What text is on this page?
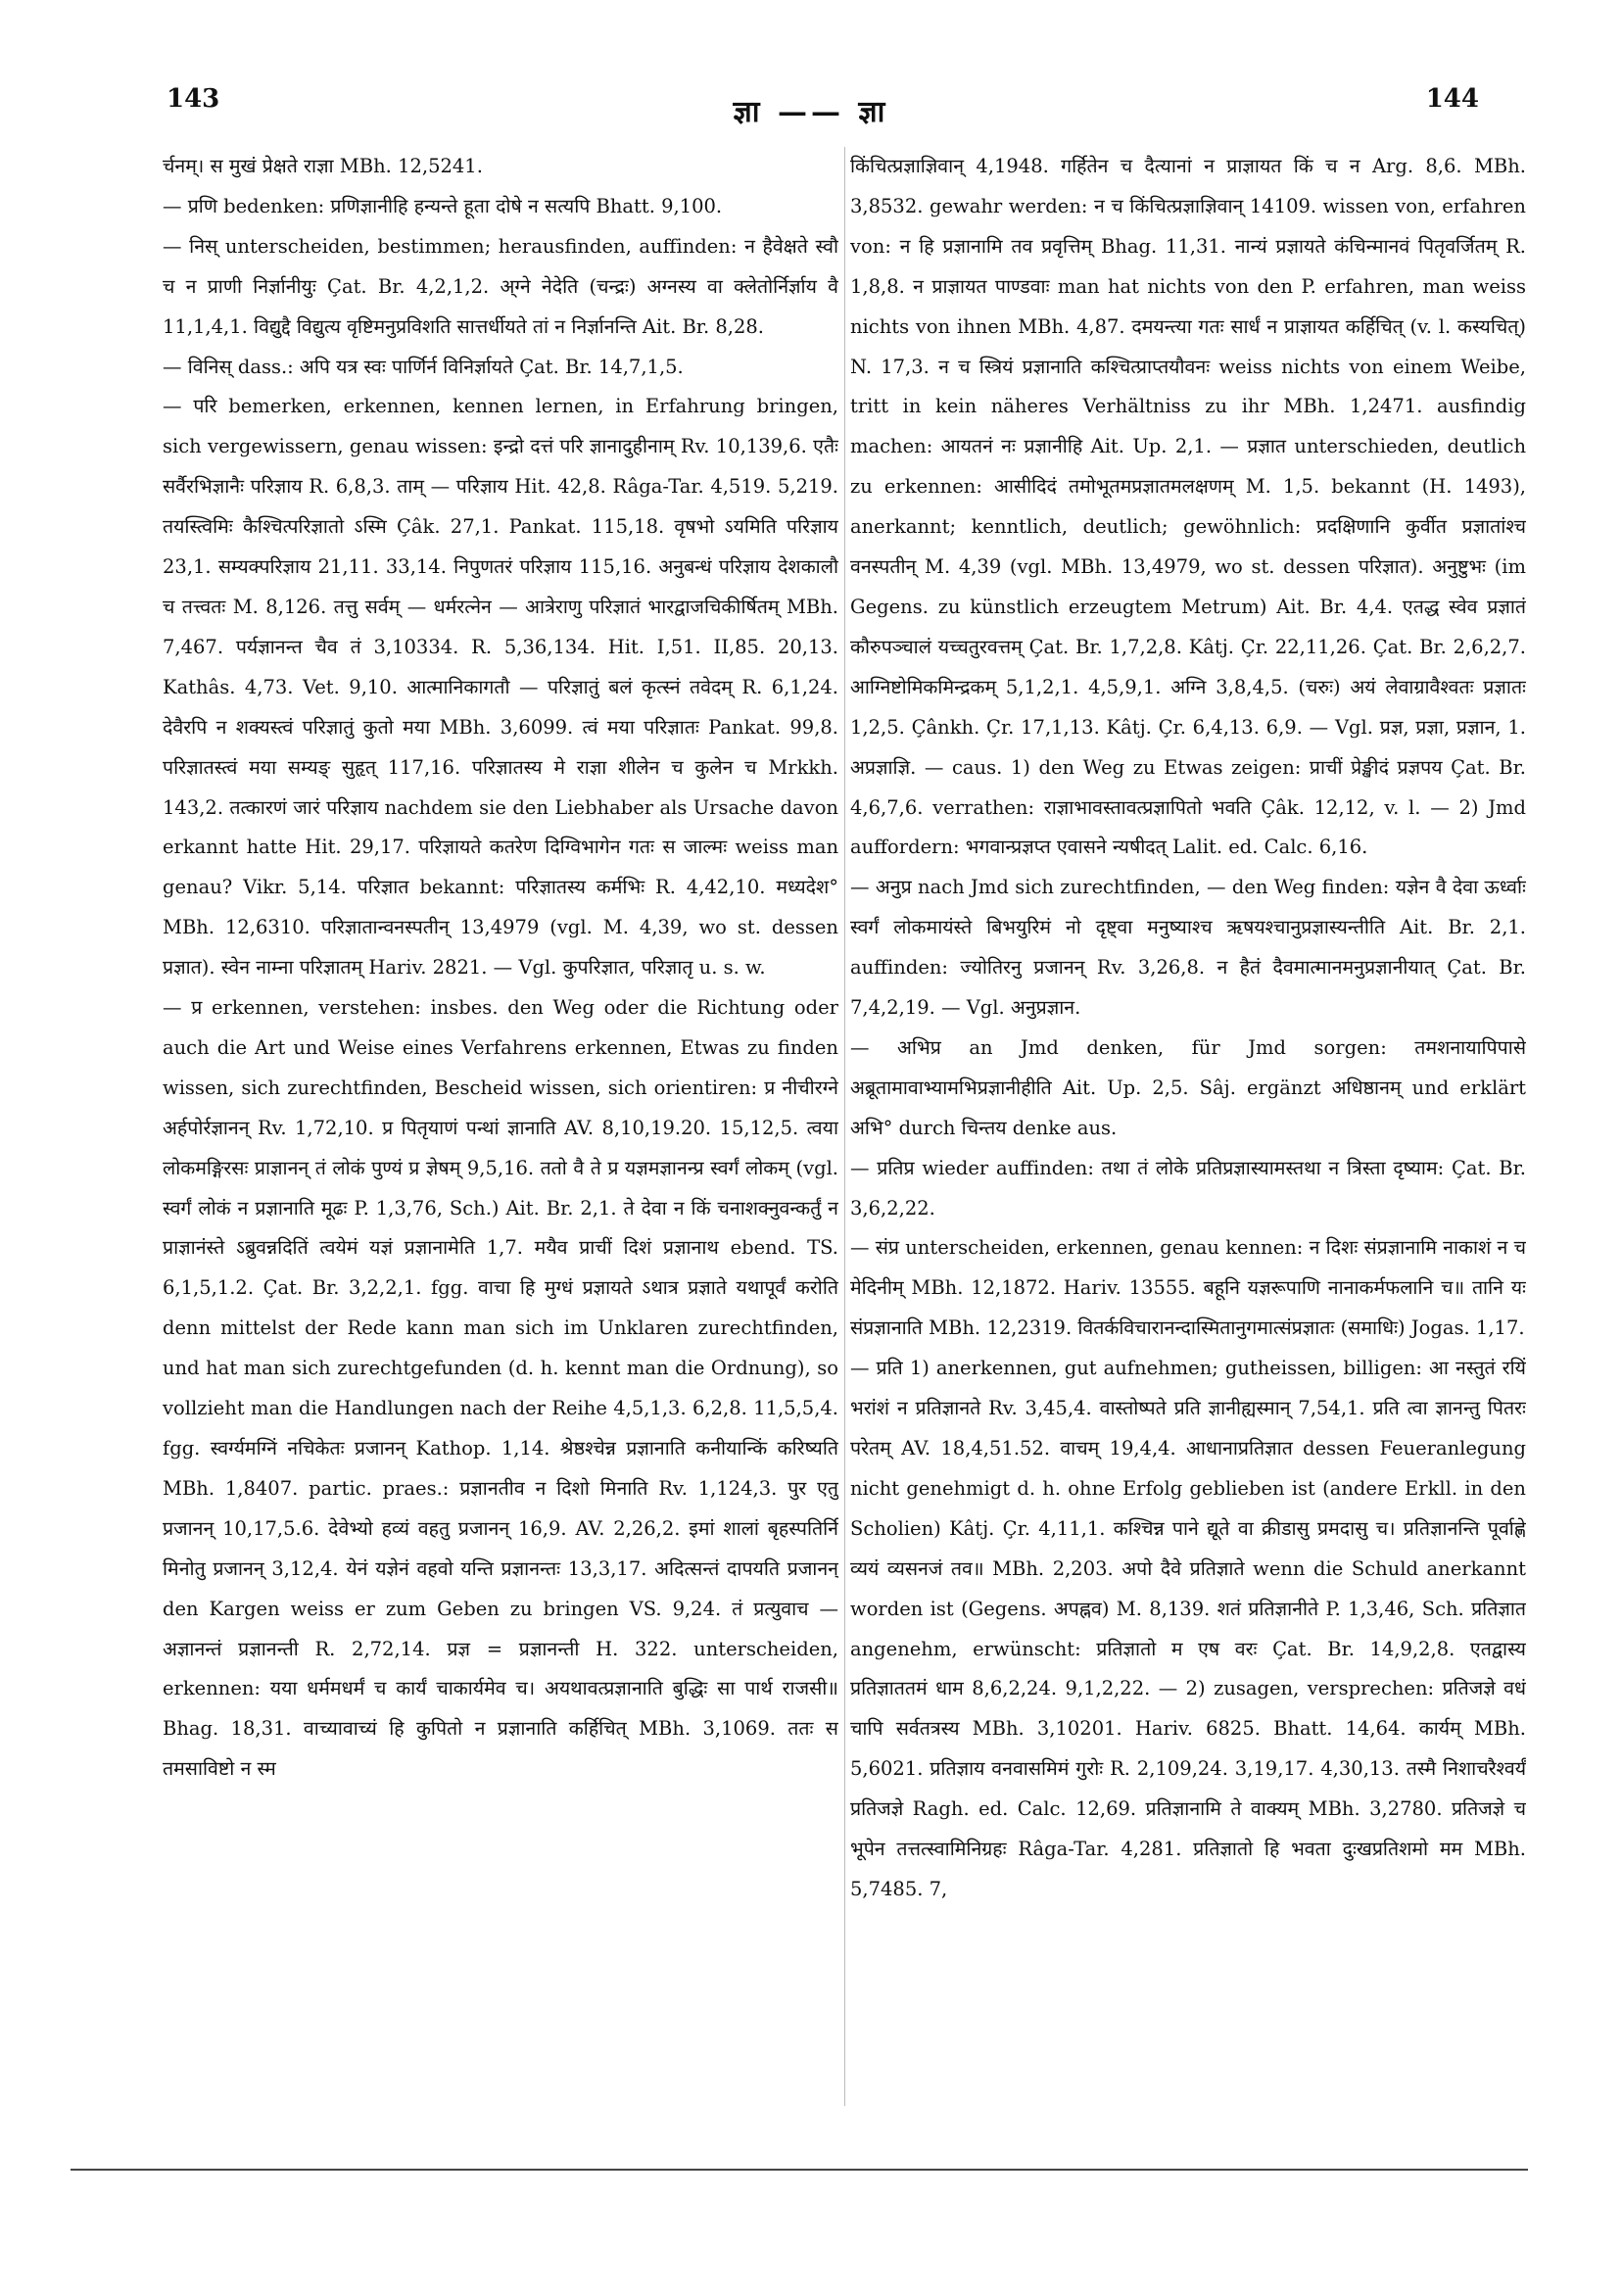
143	ज्ञा —— ज्ञा	144

र्चनम्। स मुखं प्रेक्षते राज्ञा MBh. 12,5241.

— प्रणि bedenken: प्रणिज्ञानीहि हन्यन्ते हूता दोषे न सत्यपि Bhatt. 9,100.

— निस् unterscheiden, bestimmen; herausfinden, auffinden: न हैवेक्षते स्वौ च न प्राणी निर्ज्ञानीयुः Çat. Br. 4,2,1,2. अ्ग्ने नेदेति (चन्द्रः) अग्नस्य वा क्लेतोर्निर्ज्ञाय वै 11,1,4,1. विद्युद्दै विद्युत्य वृष्टिमनुप्रविशति सात्तर्धीयते तां न निर्ज्ञानन्ति Ait. Br. 8,28.

— विनिस् dass.: अपि यत्र स्वः पार्णिर्न विनिर्ज्ञायते Çat. Br. 14,7,1,5.

— परि bemerken, erkennen, kennen lernen, in Erfahrung bringen, sich vergewissern, genau wissen: इन्द्रो दत्तं परि ज्ञानादुहीनाम् Rv. 10,139,6. एतैः सर्वैरभिज्ञानैः परिज्ञाय R. 6,8,3. ताम् — परिज्ञाय Hit. 42,8. Râga-Tar. 4,519. 5,219. तयस्त्विमिः कैश्चित्परिज्ञातो ऽस्मि Çâk. 27,1. Pankat. 115,18. वृषभो ऽयमिति परिज्ञाय 23,1. सम्यक्परिज्ञाय 21,11. 33,14. निपुणतरं परिज्ञाय 115,16. अनुबन्धं परिज्ञाय देशकालौ च तत्त्वतः M. 8,126. तत्तु सर्वम् — धर्मरत्नेन — आत्रेराणु परिज्ञातं भारद्वाजचिकीर्षितम् MBh. 7,467. पर्यज्ञानन्त चैव तं 3,10334. R. 5,36,134. Hit. I,51. II,85. 20,13. Kathâs. 4,73. Vet. 9,10. आत्मानिकागतौ — परिज्ञातुं बलं कृत्स्नं तवेदम् R. 6,1,24. देवैरपि न शक्यस्त्वं परिज्ञातुं कुतो मया MBh. 3,6099. त्वं मया परिज्ञातः Pankat. 99,8. परिज्ञातस्त्वं मया सम्यङ् सुहृत् 117,16. परिज्ञातस्य मे राज्ञा शीलेन च कुलेन च Mrkkh. 143,2. तत्कारणं जारं परिज्ञाय nachdem sie den Liebhaber als Ursache davon erkannt hatte Hit. 29,17. परिज्ञायते कतरेण दिग्विभागेन गतः स जाल्मः weiss man genau? Vikr. 5,14. परिज्ञात bekannt: परिज्ञातस्य कर्मभिः R. 4,42,10. मध्यदेश° MBh. 12,6310. परिज्ञातान्वनस्पतीन् 13,4979 (vgl. M. 4,39, wo st. dessen प्रज्ञात). स्वेन नाम्ना परिज्ञातम् Hariv. 2821. — Vgl. कुपरिज्ञात, परिज्ञातृ u. s. w.

— प्र erkennen, verstehen: insbes. den Weg oder die Richtung oder auch die Art und Weise eines Verfahrens erkennen, Etwas zu finden wissen, sich zurechtfinden, Bescheid wissen, sich orientiren: प्र नीचीरग्ने अर्हपोर्रज्ञानन् Rv. 1,72,10. प्र पितृयाणं पन्थां ज्ञानाति AV. 8,10,19.20. 15,12,5. त्वया लोकमङ्गिरसः प्राज्ञानन् तं लोकं पुण्यं प्र ज्ञेषम् 9,5,16. ततो वै ते प्र यज्ञमज्ञानन्प्र स्वर्गं लोकम् (vgl. स्वर्गं लोकं न प्रज्ञानाति मूढः P. 1,3,76, Sch.) Ait. Br. 2,1. ते देवा न किं चनाशक्नुवन्कर्तुं न प्राज्ञानंस्ते ऽब्रुवन्नदितिं त्वयेमं यज्ञं प्रज्ञानामेति 1,7. मयैव प्राचीं दिशं प्रज्ञानाथ ebend. TS. 6,1,5,1.2. Çat. Br. 3,2,2,1. fgg. वाचा हि मुग्धं प्रज्ञायते ऽथात्र प्रज्ञाते यथापूर्वं करोति denn mittelst der Rede kann man sich im Unklaren zurechtfinden, und hat man sich zurechtgefunden (d. h. kennt man die Ordnung), so vollzieht man die Handlungen nach der Reihe 4,5,1,3. 6,2,8. 11,5,5,4. fgg. स्वर्ग्यमग्निं नचिकेतः प्रजानन् Kathop. 1,14. श्रेष्ठश्चेन्न प्रज्ञानाति कनीयान्किं करिष्यति MBh. 1,8407. partic. praes.: प्रज्ञानतीव न दिशो मिनाति Rv. 1,124,3. पुर एतु प्रजानन् 10,17,5.6. देवेभ्यो हव्यं वहतु प्रजानन् 16,9. AV. 2,26,2. इमां शालां बृहस्पतिर्नि मिनोतु प्रजानन् 3,12,4. येनं यज्ञेनं वहवो यन्ति प्रज्ञानन्तः 13,3,17. अदित्सन्तं दापयति प्रजानन् den Kargen weiss er zum Geben zu bringen VS. 9,24. तं प्रत्युवाच — अज्ञानन्तं प्रज्ञानन्ती R. 2,72,14. प्रज्ञ = प्रज्ञानन्ती H. 322. unterscheiden, erkennen: यया धर्ममधर्मं च कार्यं चाकार्यमेव च। अयथावत्प्रज्ञानाति बुद्धिः सा पार्थ राजसी॥ Bhag. 18,31. वाच्यावाच्यं हि कुपितो न प्रज्ञानाति कर्हिचित् MBh. 3,1069. ततः स तमसाविष्टो न स्म

किंचित्प्रज्ञाज्ञिवान् 4,1948. गर्हितेन च दैत्यानां न प्राज्ञायत किं च न Arg. 8,6. MBh. 3,8532. gewahr werden: न च किंचित्प्रज्ञाज्ञिवान् 14109. wissen von, erfahren von: न हि प्रज्ञानामि तव प्रवृत्तिम् Bhag. 11,31. नान्यं प्रज्ञायते कंचिन्मानवं पितृवर्जितम् R. 1,8,8. न प्राज्ञायत पाण्डवाः man hat nichts von den P. erfahren, man weiss nichts von ihnen MBh. 4,87. दमयन्त्या गतः सार्धं न प्राज्ञायत कर्हिचित् (v. l. कस्यचित्) N. 17,3. न च स्त्रियं प्रज्ञानाति कश्चित्प्राप्तयौवनः weiss nichts von einem Weibe, tritt in kein näheres Verhältniss zu ihr MBh. 1,2471. ausfindig machen: आयतनं नः प्रज्ञानीहि Ait. Up. 2,1. — प्रज्ञात unterschieden, deutlich zu erkennen: आसीदिदं तमोभूतमप्रज्ञातमलक्षणम् M. 1,5. bekannt (H. 1493), anerkannt; kenntlich, deutlich; gewöhnlich: प्रदक्षिणानि कुर्वीत प्रज्ञातांश्च वनस्पतीन् M. 4,39 (vgl. MBh. 13,4979, wo st. dessen परिज्ञात). अनुष्टुभः (im Gegens. zu künstlich erzeugtem Metrum) Ait. Br. 4,4. एतद्ध स्वेव प्रज्ञातं कौरुपञ्चालं यच्चतुरवत्तम् Çat. Br. 1,7,2,8. Kâtj. Çr. 22,11,26. Çat. Br. 2,6,2,7. आग्निष्टोमिकमिन्द्रकम् 5,1,2,1. 4,5,9,1. अग्नि 3,8,4,5. (चरुः) अयं लेवाग्रावैश्वतः प्रज्ञातः 1,2,5. Çânkh. Çr. 17,1,13. Kâtj. Çr. 6,4,13. 6,9. — Vgl. प्रज्ञ, प्रज्ञा, प्रज्ञान, 1. अप्रज्ञाज्ञि. — caus. 1) den Weg zu Etwas zeigen: प्राचीं प्रेङ्खीदं प्रज्ञपय Çat. Br. 4,6,7,6. verrathen: राज्ञाभावस्तावत्प्रज्ञापितो भवति Çâk. 12,12, v. l. — 2) Jmd auffordern: भगवान्प्रज्ञप्त एवासने न्यषीदत् Lalit. ed. Calc. 6,16.

— अनुप्र nach Jmd sich zurechtfinden, — den Weg finden: यज्ञेन वै देवा ऊर्ध्वाः स्वर्गं लोकमायंस्ते बिभयुरिमं नो दृष्ट्वा मनुष्याश्च ऋषयश्चानुप्रज्ञास्यन्तीति Ait. Br. 2,1. auffinden: ज्योतिरनु प्रजानन् Rv. 3,26,8. न हैतं दैवमात्मानमनुप्रज्ञानीयात् Çat. Br. 7,4,2,19. — Vgl. अनुप्रज्ञान.

— अभिप्र an Jmd denken, für Jmd sorgen: तमशनायापिपासे अब्रूतामावाभ्यामभिप्रज्ञानीहीति Ait. Up. 2,5. Sâj. ergänzt अधिष्ठानम् und erklärt अभि° durch चिन्तय denke aus.

— प्रतिप्र wieder auffinden: तथा तं लोके प्रतिप्रज्ञास्यामस्तथा न त्रिस्ता दृष्याम: Çat. Br. 3,6,2,22.

— संप्र unterscheiden, erkennen, genau kennen: न दिशः संप्रज्ञानामि नाकाशं न च मेदिनीम् MBh. 12,1872. Hariv. 13555. बहूनि यज्ञरूपाणि नानाकर्मफलानि च॥ तानि यः संप्रज्ञानाति MBh. 12,2319. वितर्कविचारानन्दास्मितानुगमात्संप्रज्ञातः (समाधिः) Jogas. 1,17.

— प्रति 1) anerkennen, gut aufnehmen; gutheissen, billigen: आ नस्तुतं रयिं भरांशं न प्रतिज्ञानते Rv. 3,45,4. वास्तोष्पते प्रति ज्ञानीह्यस्मान् 7,54,1. प्रति त्वा ज्ञानन्तु पितरः परेतम् AV. 18,4,51.52. वाचम् 19,4,4. आधानाप्रतिज्ञात dessen Feueranlegung nicht genehmigt d. h. ohne Erfolg geblieben ist (andere Erkll. in den Scholien) Kâtj. Çr. 4,11,1. कश्चिन्न पाने द्यूते वा क्रीडासु प्रमदासु च। प्रतिज्ञानन्ति पूर्वाह्णे व्ययं व्यसनजं तव॥ MBh. 2,203. अपो दैवे प्रतिज्ञाते wenn die Schuld anerkannt worden ist (Gegens. अपह्नव) M. 8,139. शतं प्रतिज्ञानीते P. 1,3,46, Sch. प्रतिज्ञात angenehm, erwünscht: प्रतिज्ञातो म एष वरः Çat. Br. 14,9,2,8. एतद्वास्य प्रतिज्ञाततमं धाम 8,6,2,24. 9,1,2,22. — 2) zusagen, versprechen: प्रतिजज्ञे वधं चापि सर्वतत्रस्य MBh. 3,10201. Hariv. 6825. Bhatt. 14,64. कार्यम् MBh. 5,6021. प्रतिज्ञाय वनवासमिमं गुरोः R. 2,109,24. 3,19,17. 4,30,13. तस्मै निशाचरैश्वर्यं प्रतिजज्ञे Ragh. ed. Calc. 12,69. प्रतिज्ञानामि ते वाक्यम् MBh. 3,2780. प्रतिजज्ञे च भूपेन तत्तत्स्वामिनिग्रहः Râga-Tar. 4,281. प्रतिज्ञातो हि भवता दुःखप्रतिशमो मम MBh. 5,7485. 7,
